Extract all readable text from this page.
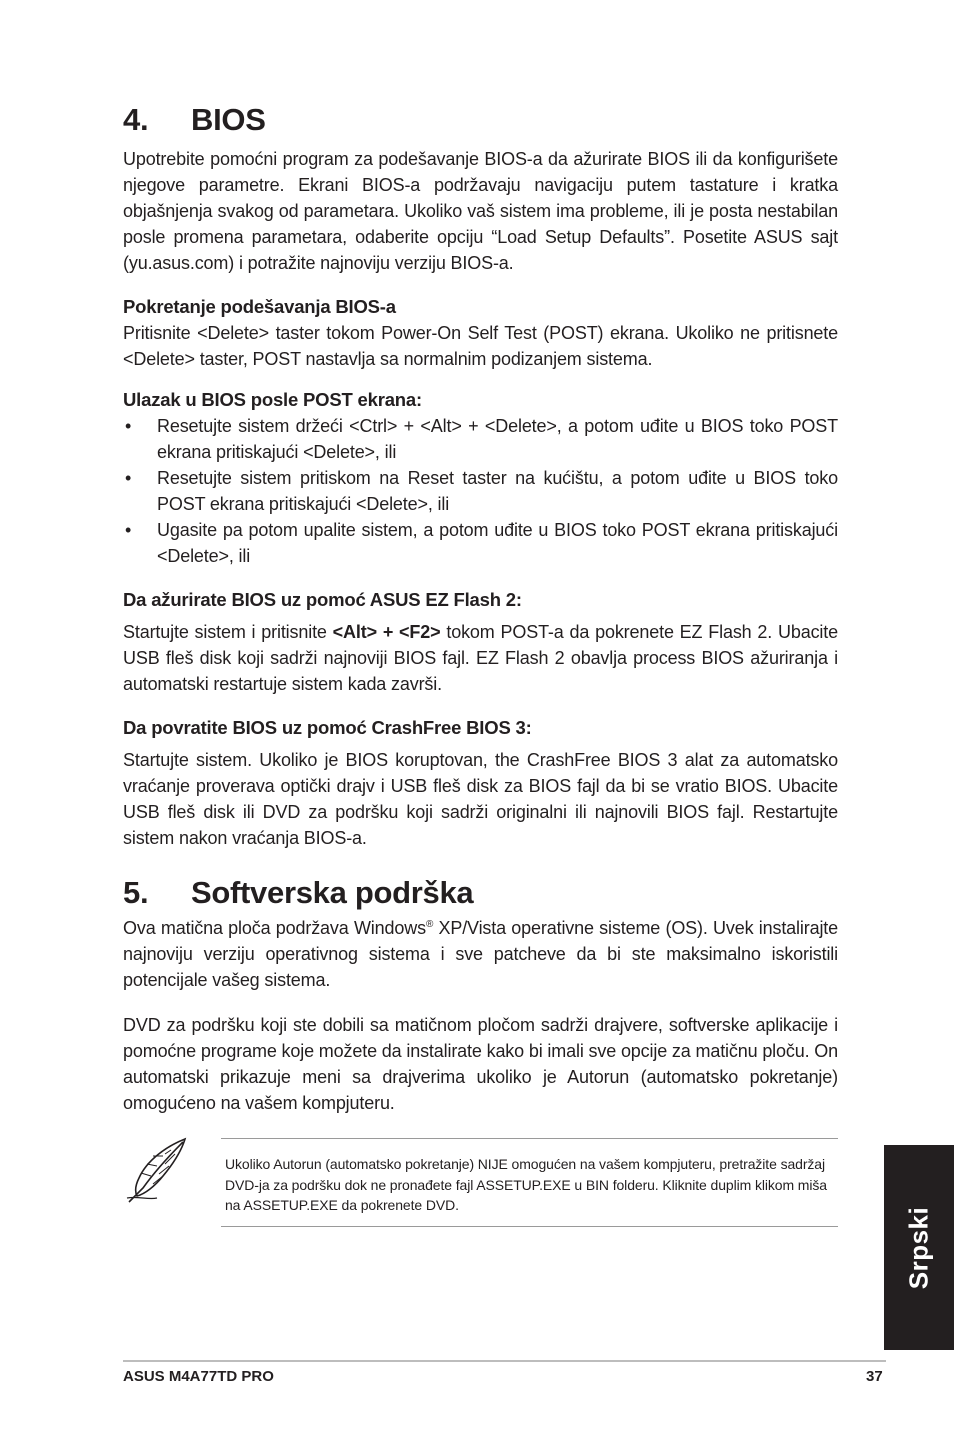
4. BIOS

Upotrebite pomoćni program za podešavanje BIOS-a da ažurirate BIOS ili da konfigurišete njegove parametre. Ekrani BIOS-a podržavaju navigaciju putem tastature i kratka objašnjenja svakog od parametara. Ukoliko vaš sistem ima probleme, ili je posta nestabilan posle promena parametara, odaberite opciju “Load Setup Defaults”. Posetite ASUS sajt (yu.asus.com) i potražite najnoviju verziju BIOS-a.

Pokretanje podešavanja BIOS-a

Pritisnite <Delete> taster tokom Power-On Self Test (POST) ekrana. Ukoliko ne pritisnete <Delete> taster, POST nastavlja sa normalnim podizanjem sistema.

Ulazak u BIOS posle POST ekrana:
• Resetujte sistem držeći <Ctrl> + <Alt> + <Delete>, a potom uđite u BIOS toko POST ekrana pritiskajući <Delete>, ili
• Resetujte sistem pritiskom na Reset taster na kućištu, a potom uđite u BIOS toko POST ekrana pritiskajući <Delete>, ili
• Ugasite pa potom upalite sistem, a potom uđite u BIOS toko POST ekrana pritiskajući <Delete>, ili
Da ažurirate BIOS uz pomoć ASUS EZ Flash 2:

Startujte sistem i pritisnite <Alt> + <F2> tokom POST-a da pokrenete EZ Flash 2. Ubacite USB fleš disk koji sadrži najnoviji BIOS fajl. EZ Flash 2 obavlja process BIOS ažuriranja i automatski restartuje sistem kada završi.

Da povratite BIOS uz pomoć CrashFree BIOS 3:

Startujte sistem. Ukoliko je BIOS koruptovan, the CrashFree BIOS 3 alat za automatsko vraćanje proverava optički drajv i USB fleš disk za BIOS fajl da bi se vratio BIOS. Ubacite USB fleš disk ili DVD za podršku koji sadrži originalni ili najnovili BIOS fajl. Restartujte sistem nakon vraćanja BIOS-a.

5. Softverska podrška

Ova matična ploča podržava Windows® XP/Vista operativne sisteme (OS). Uvek instalirajte najnoviju verziju operativnog sistema i sve patcheve da bi ste maksimalno iskoristili potencijale vašeg sistema.

DVD za podršku koji ste dobili sa matičnom pločom sadrži drajvere, softverske aplikacije i pomoćne programe koje možete da instalirate kako bi imali sve opcije za matičnu ploču. On automatski prikazuje meni sa drajverima ukoliko je Autorun (automatsko pokretanje) omogućeno na vašem kompjuteru.

Ukoliko Autorun (automatsko pokretanje) NIJE omogućen na vašem kompjuteru, pretražite sadržaj DVD-ja za podršku dok ne pronađete fajl ASSETUP.EXE u BIN folderu. Kliknite duplim klikom miša na ASSETUP.EXE da pokrenete DVD.

Srpski
ASUS M4A77TD PRO	37
